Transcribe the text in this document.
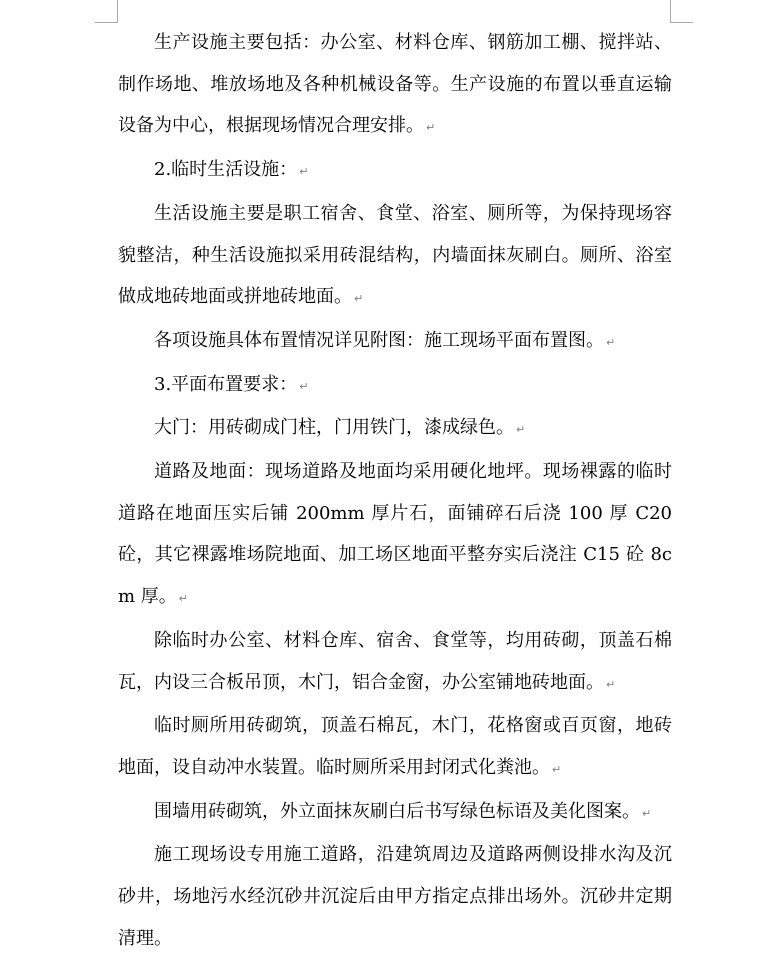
生产设施主要包括：办公室、材料仓库、钢筋加工棚、搅拌站、制作场地、堆放场地及各种机械设备等。生产设施的布置以垂直运输设备为中心，根据现场情况合理安排。 ↵

2.临时生活设施： ↵

生活设施主要是职工宿舍、食堂、浴室、厕所等，为保持现场容貌整洁，种生活设施拟采用砖混结构，内墙面抹灰刷白。厕所、浴室做成地砖地面或拼地砖地面。 ↵

各项设施具体布置情况详见附图：施工现场平面布置图。 ↵

3.平面布置要求： ↵

大门：用砖砌成门柱，门用铁门，漆成绿色。 ↵

道路及地面：现场道路及地面均采用硬化地坪。现场裸露的临时道路在地面压实后铺 200mm 厚片石，面铺碎石后浇 100 厚 C20 砼，其它裸露堆场院地面、加工场区地面平整夯实后浇注 C15 砼 8cm 厚。 ↵

除临时办公室、材料仓库、宿舍、食堂等，均用砖砌，顶盖石棉瓦，内设三合板吊顶，木门，铝合金窗，办公室铺地砖地面。 ↵

临时厕所用砖砌筑，顶盖石棉瓦，木门，花格窗或百页窗，地砖地面，设自动冲水装置。临时厕所采用封闭式化粪池。 ↵

围墙用砖砌筑，外立面抹灰刷白后书写绿色标语及美化图案。 ↵

施工现场设专用施工道路，沿建筑周边及道路两侧设排水沟及沉砂井，场地污水经沉砂井沉淀后由甲方指定点排出场外。沉砂井定期清理。
